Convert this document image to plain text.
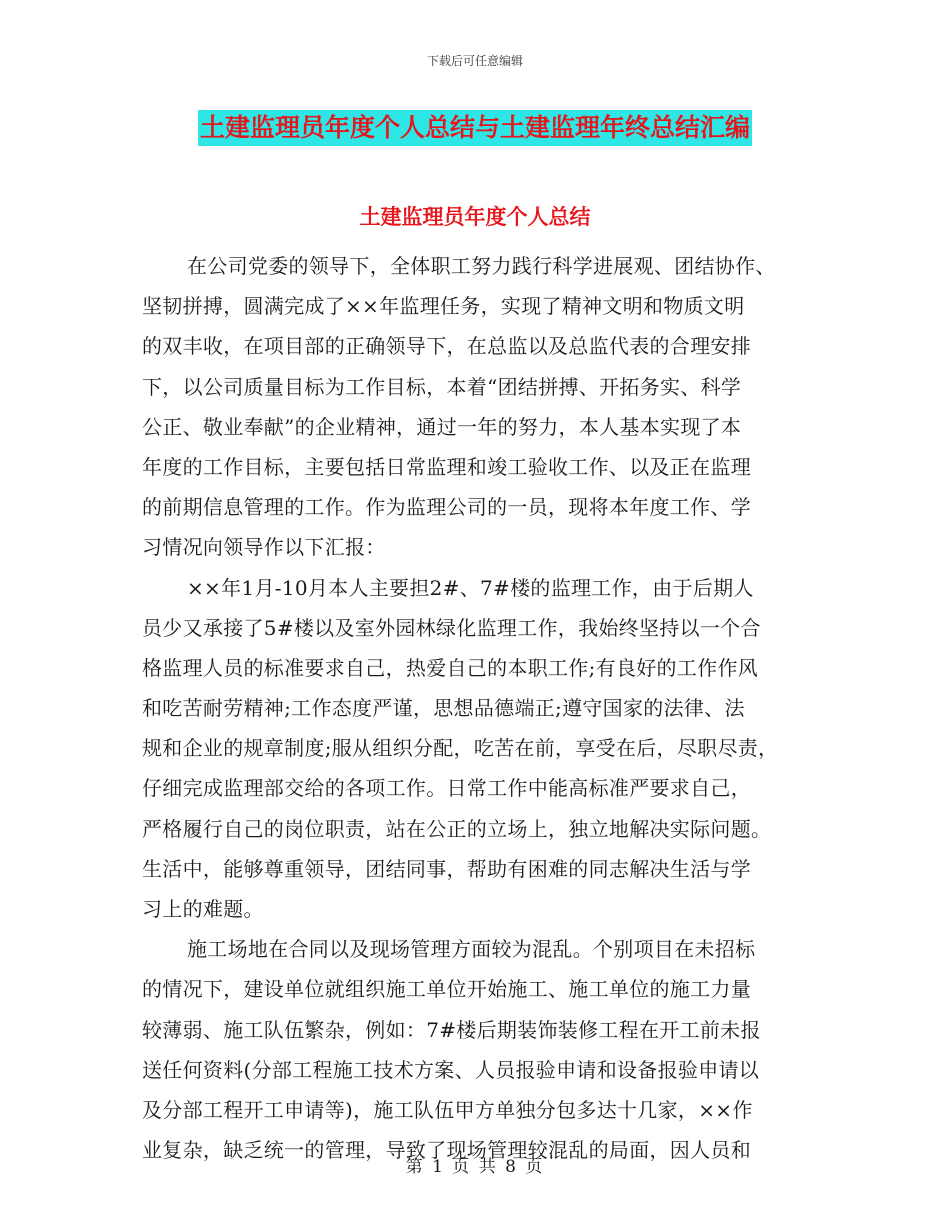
下载后可任意编辑
土建监理员年度个人总结与土建监理年终总结汇编
土建监理员年度个人总结
在公司党委的领导下，全体职工努力践行科学进展观、团结协作、
坚韧拼搏，圆满完成了××年监理任务，实现了精神文明和物质文明
的双丰收，在项目部的正确领导下，在总监以及总监代表的合理安排
下，以公司质量目标为工作目标，本着“团结拼搏、开拓务实、科学
公正、敬业奉献”的企业精神，通过一年的努力，本人基本实现了本
年度的工作目标，主要包括日常监理和竣工验收工作、以及正在监理
的前期信息管理的工作。作为监理公司的一员，现将本年度工作、学
习情况向领导作以下汇报：
××年1月-10月本人主要担2#、7#楼的监理工作，由于后期人
员少又承接了5#楼以及室外园林绿化监理工作，我始终坚持以一个合
格监理人员的标准要求自己，热爱自己的本职工作;有良好的工作作风
和吃苦耐劳精神;工作态度严谨，思想品德端正;遵守国家的法律、法
规和企业的规章制度;服从组织分配，吃苦在前，享受在后，尽职尽责，
仔细完成监理部交给的各项工作。日常工作中能高标准严要求自己，
严格履行自己的岗位职责，站在公正的立场上，独立地解决实际问题。
生活中，能够尊重领导，团结同事，帮助有困难的同志解决生活与学
习上的难题。
施工场地在合同以及现场管理方面较为混乱。个别项目在未招标
的情况下，建设单位就组织施工单位开始施工、施工单位的施工力量
较薄弱、施工队伍繁杂，例如：7#楼后期装饰装修工程在开工前未报
送任何资料(分部工程施工技术方案、人员报验申请和设备报验申请以
及分部工程开工申请等)，施工队伍甲方单独分包多达十几家，××作
业复杂，缺乏统一的管理，导致了现场管理较混乱的局面，因人员和
第 1 页 共 8 页
